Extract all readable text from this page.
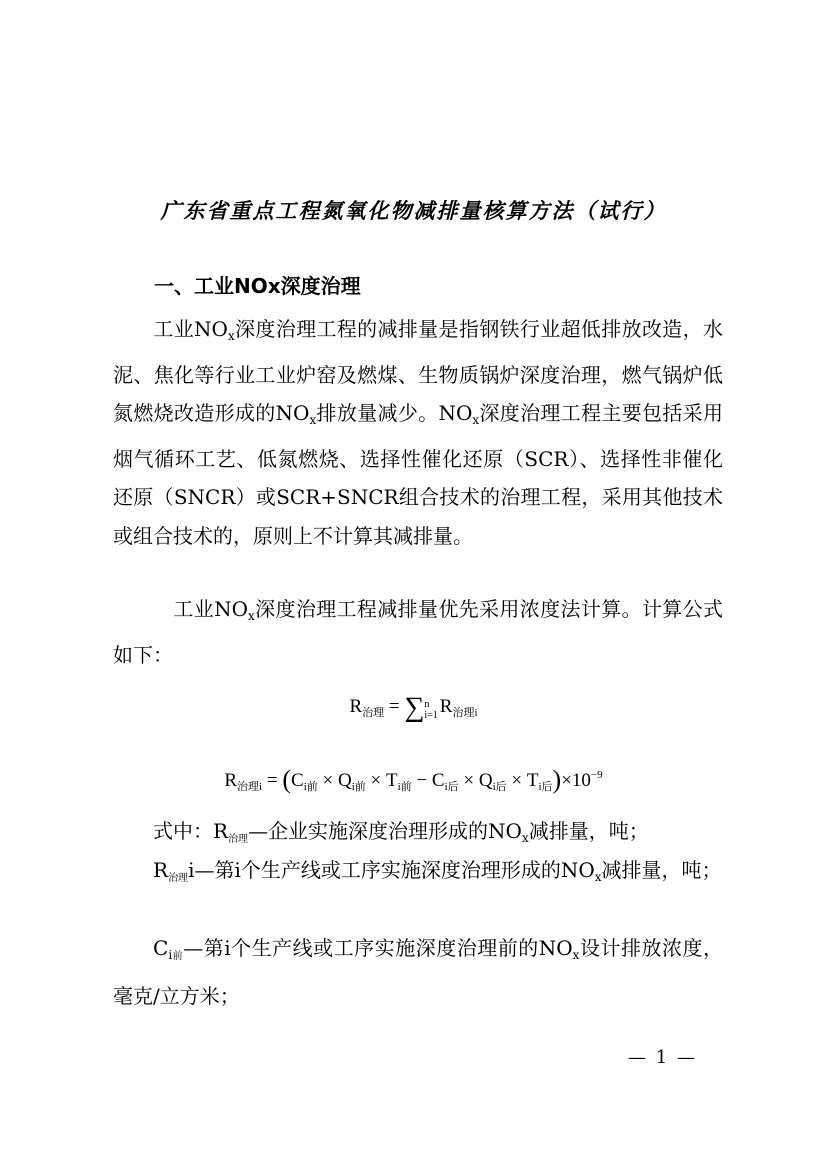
广东省重点工程氮氧化物减排量核算方法（试行）
一、工业NOx深度治理

工业$NO_x$深度治理工程的减排量是指钢铁行业超低排放改造，水泥、焦化等行业工业炉窑及燃煤、生物质锅炉深度治理，燃气锅炉低氮燃烧改造形成的$NO_x$排放量减少。$NO_x$深度治理工程主要包括采用烟气循环工艺、低氮燃烧、选择性催化还原（SCR）、选择性非催化还原（SNCR）或SCR+SNCR组合技术的治理工程，采用其他技术或组合技术的，原则上不计算其减排量。

工业$NO_x$深度治理工程减排量优先采用浓度法计算。计算公式如下：

$R_{治理} = \sum n$
i=1 $R_{治理i}$
$R_{治理i} = (C_{i前} \times Q_{i前} \times T_{i前} - C_{i后} \times Q_{i后} \times T_{i后})\times 10^{-9}$

式中：$R_{治理}—$企业实施深度治理形成的$NO_x$减排量，吨；

$R_{治理}i—$第i个生产线或工序实施深度治理形成的$NO_x$减排量，吨；

$C_{i前}—$第i个生产线或工序实施深度治理前的$NO_x$设计排放浓度，毫克/立方米；

— 1 —
